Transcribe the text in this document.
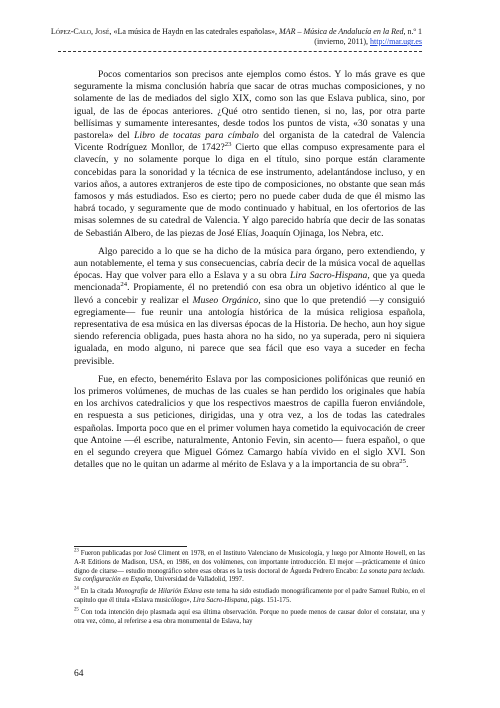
López-Calo, José, «La música de Haydn en las catedrales españolas», MAR – Música de Andalucía en la Red, n.º 1 (invierno, 2011), http://mar.ugr.es

Pocos comentarios son precisos ante ejemplos como éstos. Y lo más grave es que seguramente la misma conclusión habría que sacar de otras muchas composiciones, y no solamente de las de mediados del siglo XIX, como son las que Eslava publica, sino, por igual, de las de épocas anteriores. ¿Qué otro sentido tienen, si no, las, por otra parte bellísimas y sumamente interesantes, desde todos los puntos de vista, «30 sonatas y una pastorela» del Libro de tocatas para címbalo del organista de la catedral de Valencia Vicente Rodríguez Monllor, de 1742?$^{23}$ Cierto que ellas compuso expresamente para el clavecín, y no solamente porque lo diga en el título, sino porque están claramente concebidas para la sonoridad y la técnica de ese instrumento, adelantándose incluso, y en varios años, a autores extranjeros de este tipo de composiciones, no obstante que sean más famosos y más estudiados. Eso es cierto; pero no puede caber duda de que él mismo las habrá tocado, y seguramente que de modo continuado y habitual, en los ofertorios de las misas solemnes de su catedral de Valencia. Y algo parecido habría que decir de las sonatas de Sebastián Albero, de las piezas de José Elías, Joaquín Ojinaga, los Nebra, etc.

Algo parecido a lo que se ha dicho de la música para órgano, pero extendiendo, y aun notablemente, el tema y sus consecuencias, cabría decir de la música vocal de aquellas épocas. Hay que volver para ello a Eslava y a su obra Lira Sacro-Hispana, que ya queda mencionada$^{24}$. Propiamente, él no pretendió con esa obra un objetivo idéntico al que le llevó a concebir y realizar el Museo Orgánico, sino que lo que pretendió —y consiguió egregiamente— fue reunir una antología histórica de la música religiosa española, representativa de esa música en las diversas épocas de la Historia. De hecho, aun hoy sigue siendo referencia obligada, pues hasta ahora no ha sido, no ya superada, pero ni siquiera igualada, en modo alguno, ni parece que sea fácil que eso vaya a suceder en fecha previsible.

Fue, en efecto, benemérito Eslava por las composiciones polifónicas que reunió en los primeros volúmenes, de muchas de las cuales se han perdido los originales que había en los archivos catedralicios y que los respectivos maestros de capilla fueron enviándole, en respuesta a sus peticiones, dirigidas, una y otra vez, a los de todas las catedrales españolas. Importa poco que en el primer volumen haya cometido la equivocación de creer que Antoine —él escribe, naturalmente, Antonio Fevin, sin acento— fuera español, o que en el segundo creyera que Miguel Gómez Camargo había vivido en el siglo XVI. Son detalles que no le quitan un adarme al mérito de Eslava y a la importancia de su obra$^{25}$.

$^{23}$ Fueron publicadas por José Climent en 1978, en el Instituto Valenciano de Musicología, y luego por Almonte Howell, en las A-R Editions de Madison, USA, en 1986, en dos volúmenes, con importante introducción. El mejor —prácticamente el único digno de citarse— estudio monográfico sobre esas obras es la tesis doctoral de Águeda Pedrero Encabo: La sonata para teclado. Su configuración en España, Universidad de Valladolid, 1997.

$^{24}$ En la citada Monografía de Hilarión Eslava este tema ha sido estudiado monográficamente por el padre Samuel Rubio, en el capítulo que él titula «Eslava musicólogo», Lira Sacro-Hispana, págs. 151-175.

$^{25}$ Con toda intención dejo plasmada aquí esa última observación. Porque no puede menos de causar dolor el constatar, una y otra vez, cómo, al referirse a esa obra monumental de Eslava, hay

64
